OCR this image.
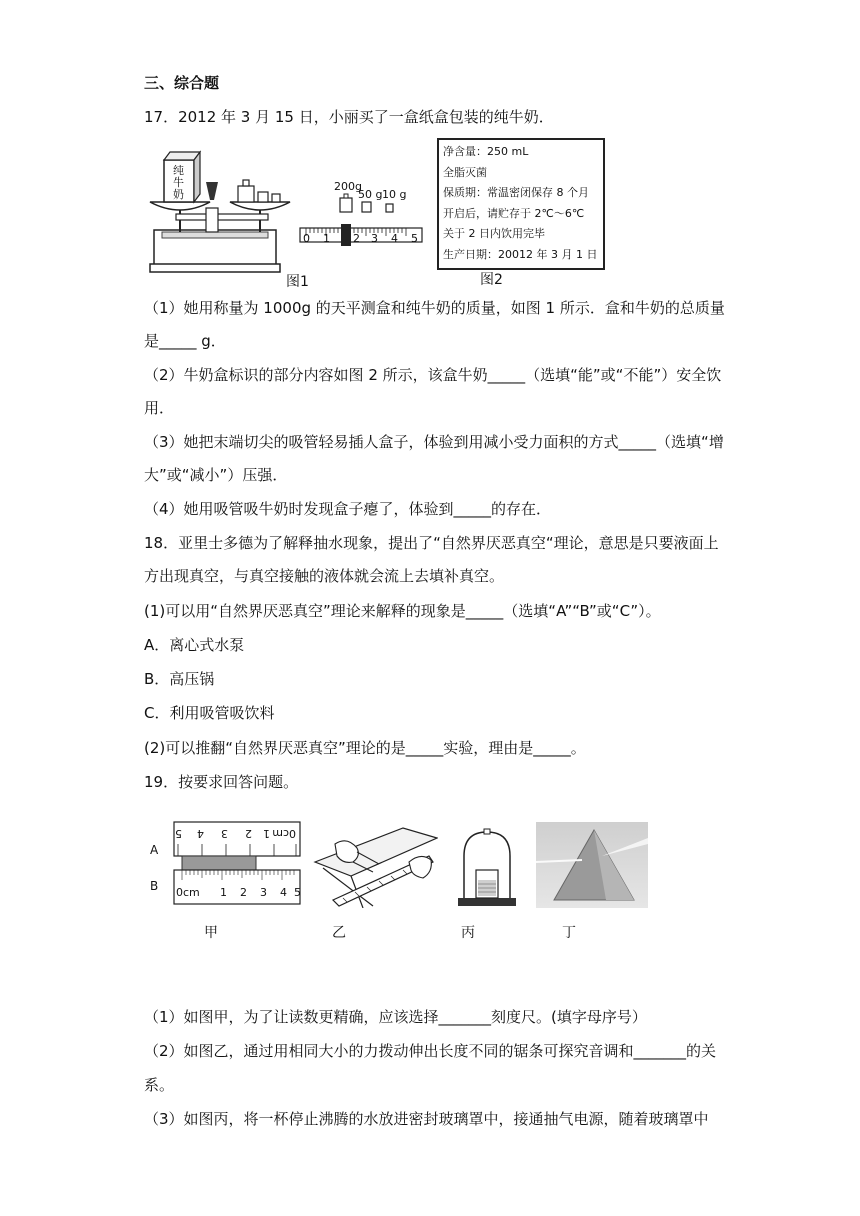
三、综合题
17．2012 年 3 月 15 日，小丽买了一盒纸盒包装的纯牛奶．
纯
牛
奶
200g
50 g 10 g
0 1 2 3 4 5
图1
净含量：250 mL
全脂灭菌
保质期：常温密闭保存 8 个月
开启后，请贮存于 2℃～6℃
关于 2 日内饮用完毕
生产日期：20012 年 3 月 1 日
图2
（1）她用称量为 1000g 的天平测盒和纯牛奶的质量，如图 1 所示．盒和牛奶的总质量
是_____ g．
（2）牛奶盒标识的部分内容如图 2 所示，该盒牛奶_____（选填“能”或“不能”）安全饮
用．
（3）她把末端切尖的吸管轻易插人盒子，体验到用减小受力面积的方式_____（选填“增
大”或“减小”）压强．
（4）她用吸管吸牛奶时发现盒子瘪了，体验到_____的存在．
18．亚里士多德为了解释抽水现象，提出了“自然界厌恶真空“理论，意思是只要液面上
方出现真空，与真空接触的液体就会流上去填补真空。
(1)可以用“自然界厌恶真空”理论来解释的现象是_____（选填“A”“B”或“C”）。
A．离心式水泵
B．高压锅
C．利用吸管吸饮料
(2)可以推翻“自然界厌恶真空”理论的是_____实验，理由是_____。
19．按要求回答问题。
A
B
5 4 3 2 1 0cm
0cm 1 2 3 4 5
甲	乙	丙	丁
（1）如图甲，为了让读数更精确，应该选择_______刻度尺。(填字母序号）
（2）如图乙，通过用相同大小的力拨动伸出长度不同的锯条可探究音调和_______的关
系。
（3）如图丙，将一杯停止沸腾的水放进密封玻璃罩中，接通抽气电源，随着玻璃罩中
